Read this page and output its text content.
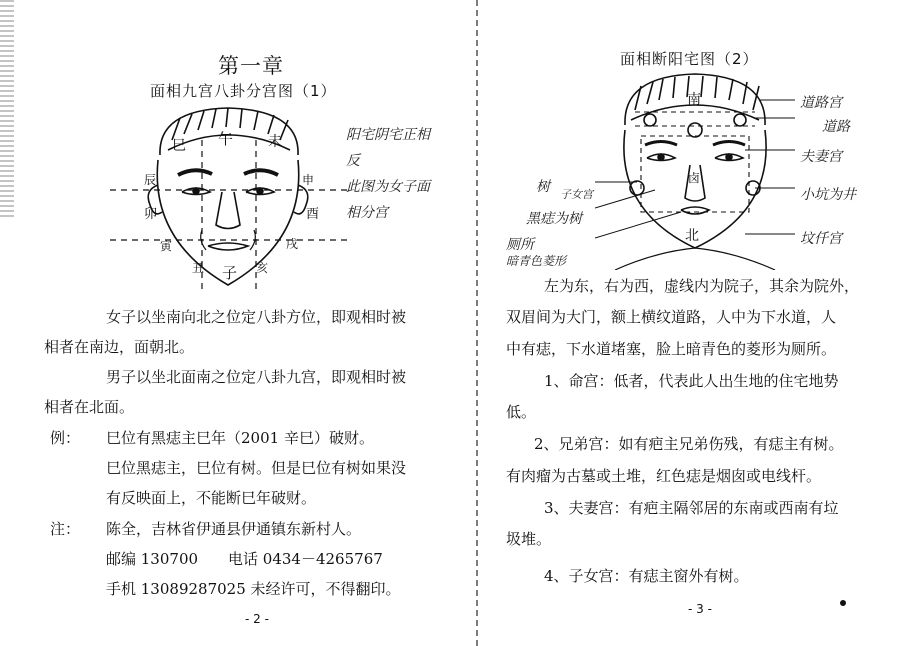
第一章
面相九宫八卦分宫图（1）
巳 午 未
辰	申
卯	酉
寅	戌
丑 子 亥
阳宅阴宅正相
反
此图为女子面
相分宫
女子以坐南向北之位定八卦方位，即观相时被
相者在南边，面朝北。
男子以坐北面南之位定八卦九宫，即观相时被
相者在北面。
例： 巳位有黑痣主巳年（2001 辛巳）破财。
巳位黑痣主，巳位有树。但是巳位有树如果没
有反映面上，不能断巳年破财。
注： 陈全，吉林省伊通县伊通镇东新村人。
邮编 130700　　电话 0434－4265767
手机 13089287025 未经许可，不得翻印。
- 2 -
面相断阳宅图（2）
南
卤
北
道路宫
道路
夫妻宫
小坑为井
坟仟宫
树 子女宫
黑痣为树
厕所
暗青色菱形
左为东，右为西，虚线内为院子，其余为院外，
双眉间为大门，额上横纹道路，人中为下水道，人
中有痣，下水道堵塞，脸上暗青色的菱形为厕所。
1、命宫：低者，代表此人出生地的住宅地势
低。
2、兄弟宫：如有疤主兄弟伤残，有痣主有树。
有肉瘤为古墓或土堆，红色痣是烟囱或电线杆。
3、夫妻宫：有疤主隔邻居的东南或西南有垃
圾堆。
4、子女宫：有痣主窗外有树。
- 3 -
